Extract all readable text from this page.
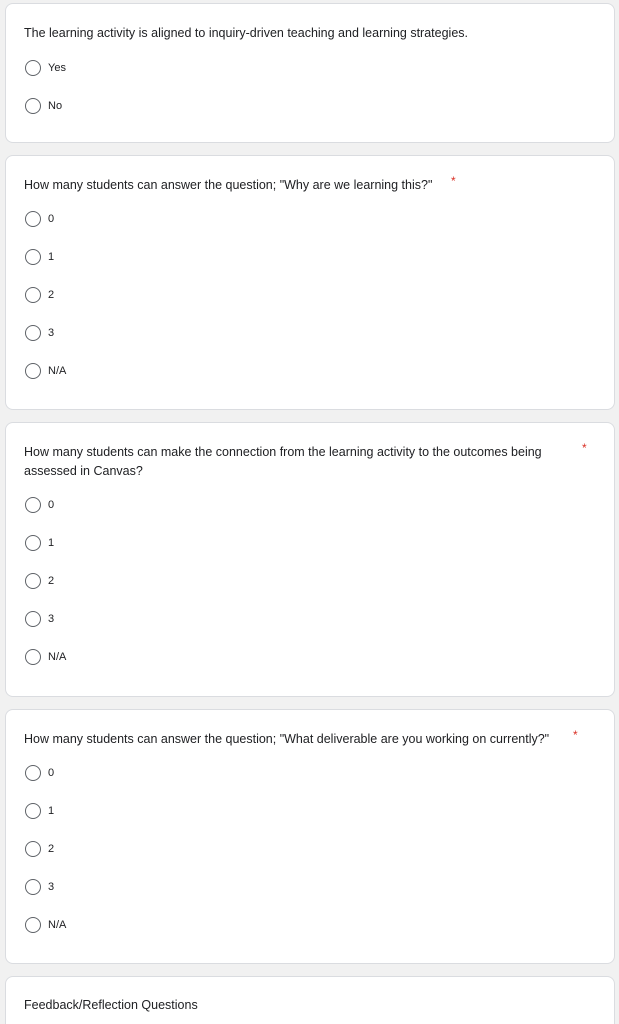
The learning activity is aligned to inquiry-driven teaching and learning strategies.
Yes
No
How many students can answer the question; "Why are we learning this?" *
0
1
2
3
N/A
How many students can make the connection from the learning activity to the outcomes being
assessed in Canvas?
*
0
1
2
3
N/A
How many students can answer the question; "What deliverable are you working on currently?" *
0
1
2
3
N/A
Feedback/Reflection Questions
